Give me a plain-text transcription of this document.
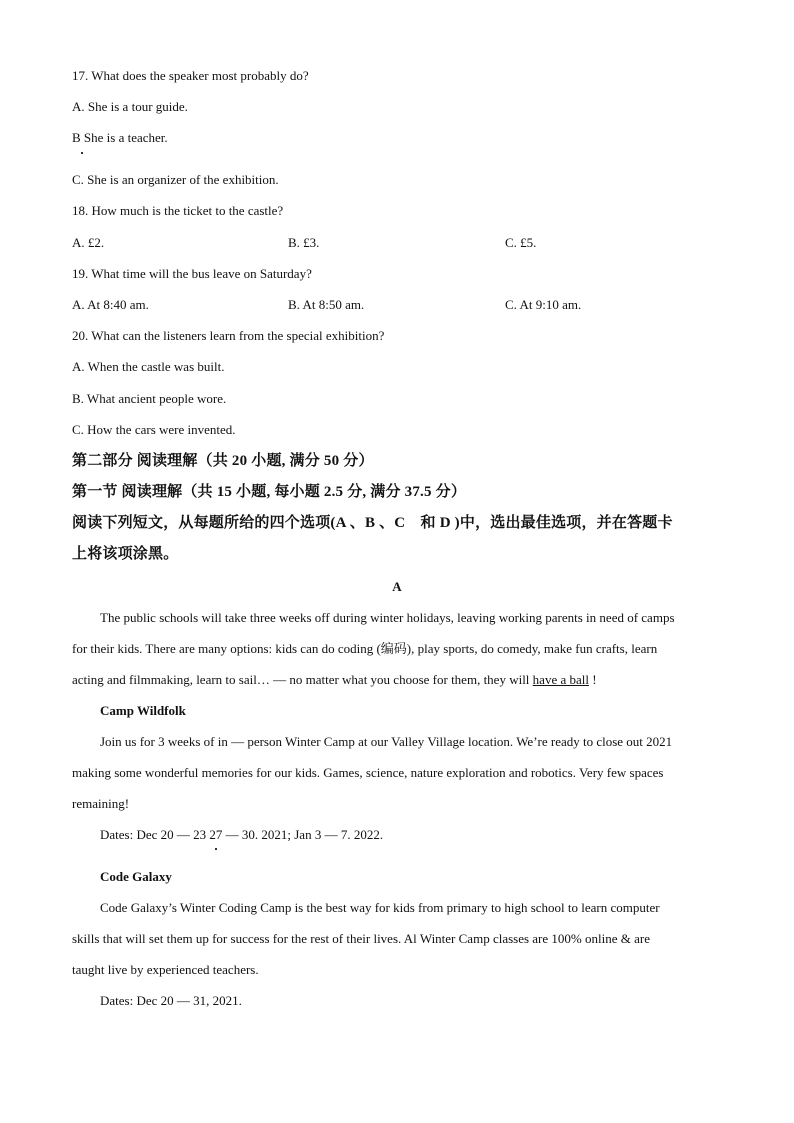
17. What does the speaker most probably do?
A. She is a tour guide.
B She is a teacher.
C. She is an organizer of the exhibition.
18. How much is the ticket to the castle?
A. £2.	B. £3.	C. £5.
19. What time will the bus leave on Saturday?
A. At 8:40 am.	B. At 8:50 am.	C. At 9:10 am.
20. What can the listeners learn from the special exhibition?
A. When the castle was built.
B. What ancient people wore.
C. How the cars were invented.
第二部分 阅读理解（共 20 小题, 满分 50 分）
第一节 阅读理解（共 15 小题, 每小题 2.5 分, 满分 37.5 分）
阅读下列短文，从每题所给的四个选项(A 、B 、C　和 D )中，选出最佳选项，并在答题卡
上将该项涂黑。
A
The public schools will take three weeks off during winter holidays, leaving working parents in need of camps
for their kids. There are many options: kids can do coding (编码), play sports, do comedy, make fun crafts, learn
acting and filmmaking, learn to sail… — no matter what you choose for them, they will have a ball !
Camp Wildfolk
Join us for 3 weeks of in — person Winter Camp at our Valley Village location. We’re ready to close out 2021
making some wonderful memories for our kids. Games, science, nature exploration and robotics. Very few spaces
remaining!
Dates: Dec 20 — 23 27 — 30. 2021; Jan 3 — 7. 2022.
Code Galaxy
Code Galaxy’s Winter Coding Camp is the best way for kids from primary to high school to learn computer
skills that will set them up for success for the rest of their lives. Al Winter Camp classes are 100% online & are
taught live by experienced teachers.
Dates: Dec 20 — 31, 2021.
